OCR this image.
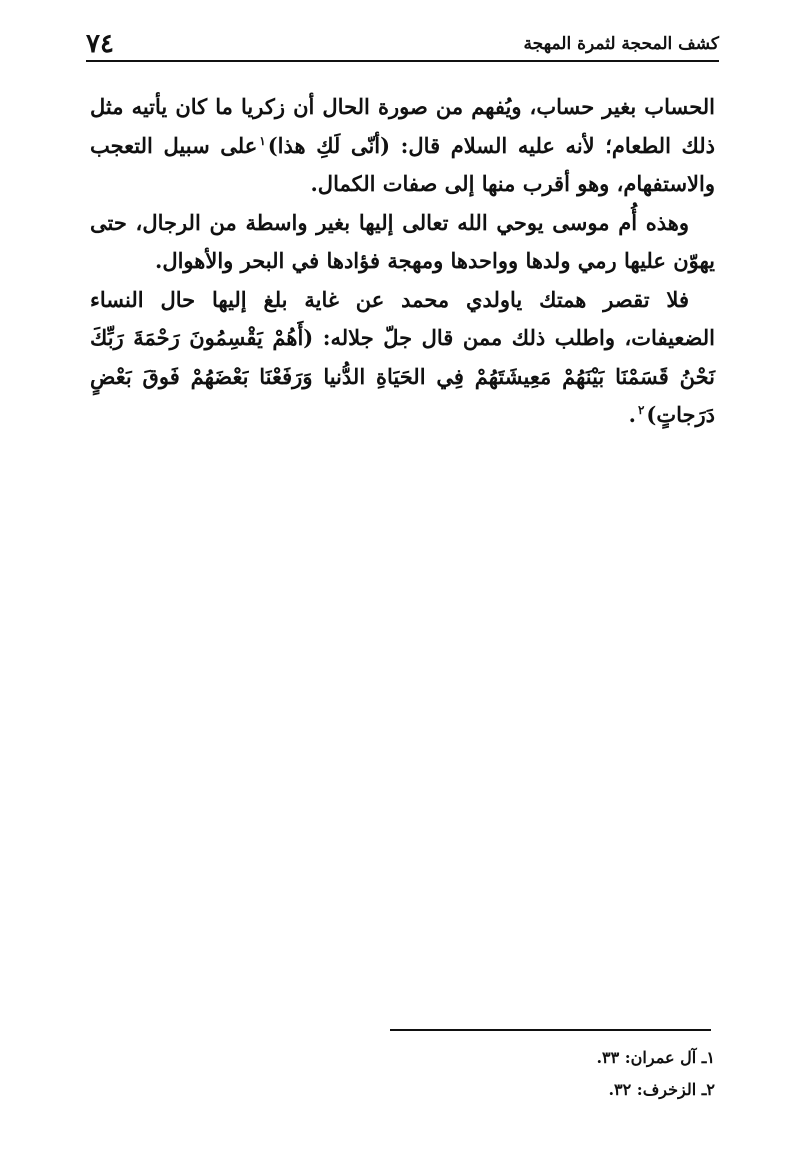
٧٤	كشف المحجة لثمرة المهجة

الحساب بغير حساب، ويُفهم من صورة الحال أن زكريا ما كان يأتيه مثل ذلك الطعام؛ لأنه عليه السلام قال: (أنّى لَكِ هذا)$^١$على سبيل التعجب والاستفهام، وهو أقرب منها إلى صفات الكمال.

وهذه أُم موسى يوحي الله تعالى إليها بغير واسطة من الرجال، حتى يهوّن عليها رمي ولدها وواحدها ومهجة فؤادها في البحر والأهوال.

فلا تقصر همتك ياولدي محمد عن غاية بلغ إليها حال النساء الضعيفات، واطلب ذلك ممن قال جلّ جلاله: (أَهُمْ يَقْسِمُونَ رَحْمَةَ رَبِّكَ نَحْنُ قَسَمْنَا بَيْنَهُمْ مَعِيشَتَهُمْ فِي الحَيَاةِ الدُّنيا وَرَفَعْنَا بَعْضَهُمْ فَوقَ بَعْضٍ دَرَجاتٍ)$^٢$.

١ـ آل عمران: ٣٣.
٢ـ الزخرف: ٣٢.
